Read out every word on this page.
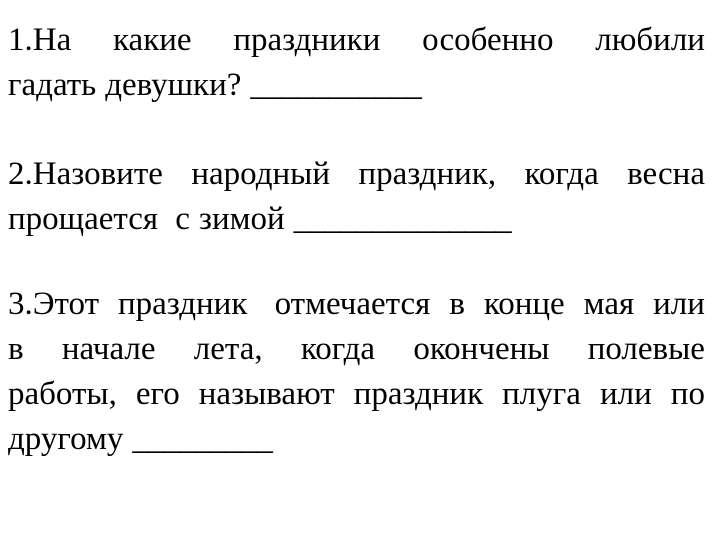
1.На какие праздники особенно любили
гадать девушки? ___________
2.Назовите народный праздник, когда весна
прощается с зимой ______________
3.Этот праздник отмечается в конце мая или
в начале лета, когда окончены полевые
работы, его называют праздник плуга или по
другому _________
